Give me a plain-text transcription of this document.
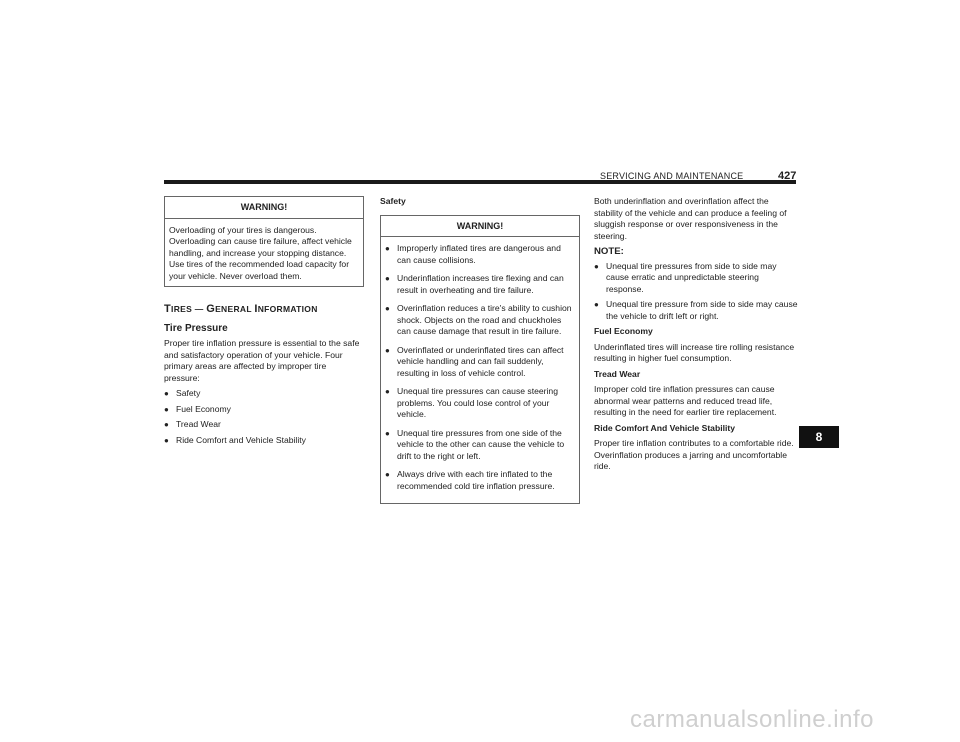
SERVICING AND MAINTENANCE	427
WARNING!

Overloading of your tires is dangerous. Overloading can cause tire failure, affect vehicle handling, and increase your stopping distance. Use tires of the recommended load capacity for your vehicle. Never overload them.

TIRES — GENERAL INFORMATION
Tire Pressure

Proper tire inflation pressure is essential to the safe and satisfactory operation of your vehicle. Four primary areas are affected by improper tire pressure:

● Safety
● Fuel Economy
● Tread Wear
● Ride Comfort and Vehicle Stability
Safety
WARNING!
● Improperly inflated tires are dangerous and can cause collisions.
● Underinflation increases tire flexing and can result in overheating and tire failure.
● Overinflation reduces a tire's ability to cushion shock. Objects on the road and chuckholes can cause damage that result in tire failure.
● Overinflated or underinflated tires can affect vehicle handling and can fail suddenly, resulting in loss of vehicle control.
● Unequal tire pressures can cause steering problems. You could lose control of your vehicle.
● Unequal tire pressures from one side of the vehicle to the other can cause the vehicle to drift to the right or left.
● Always drive with each tire inflated to the recommended cold tire inflation pressure.

Both underinflation and overinflation affect the stability of the vehicle and can produce a feeling of sluggish response or over responsiveness in the steering.

NOTE:
● Unequal tire pressures from side to side may cause erratic and unpredictable steering response.
● Unequal tire pressure from side to side may cause the vehicle to drift left or right.
Fuel Economy

Underinflated tires will increase tire rolling resistance resulting in higher fuel consumption.

Tread Wear

Improper cold tire inflation pressures can cause abnormal wear patterns and reduced tread life, resulting in the need for earlier tire replacement.

Ride Comfort And Vehicle Stability

Proper tire inflation contributes to a comfortable ride. Overinflation produces a jarring and uncomfortable ride.

8
carmanualsonline.info
